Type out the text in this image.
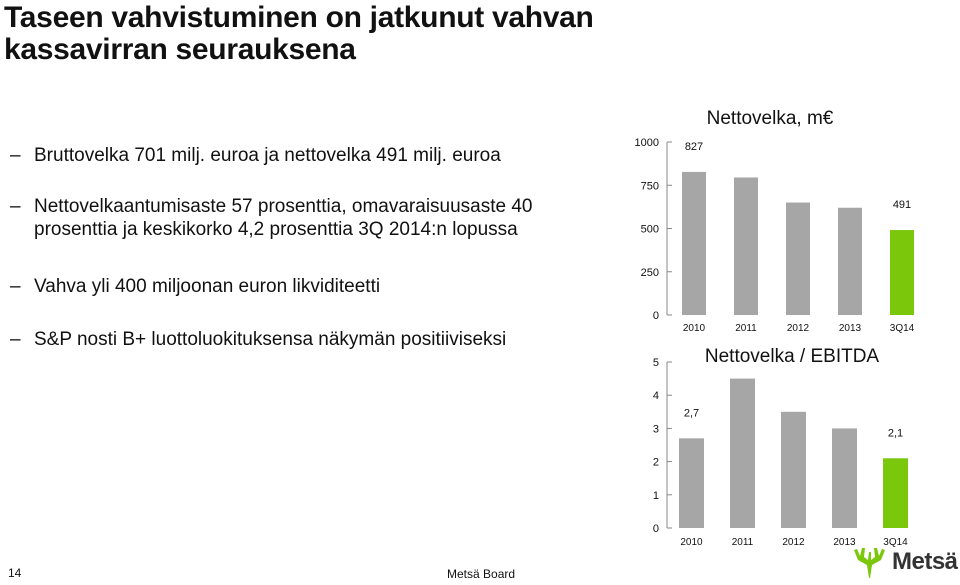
Taseen vahvistuminen on jatkunut vahvan kassavirran seurauksena
– Bruttovelka 701 milj. euroa ja nettovelka 491 milj. euroa
– Nettovelkaantumisaste 57 prosenttia, omavaraisuusaste 40 prosenttia ja keskikorko 4,2 prosenttia 3Q 2014:n lopussa
– Vahva yli 400 miljoonan euron likviditeetti
– S&P nosti B+ luottoluokituksensa näkymän positiiviseksi
Nettovelka, m€
1000
750
500
250
0
2010
827
2011	2012	2013	3Q14
491
Nettovelka / EBITDA
5
4
3
2
1
0
2010
2,7
2011	2012	2013	3Q14
2,1
14	Metsä Board	Metsä
